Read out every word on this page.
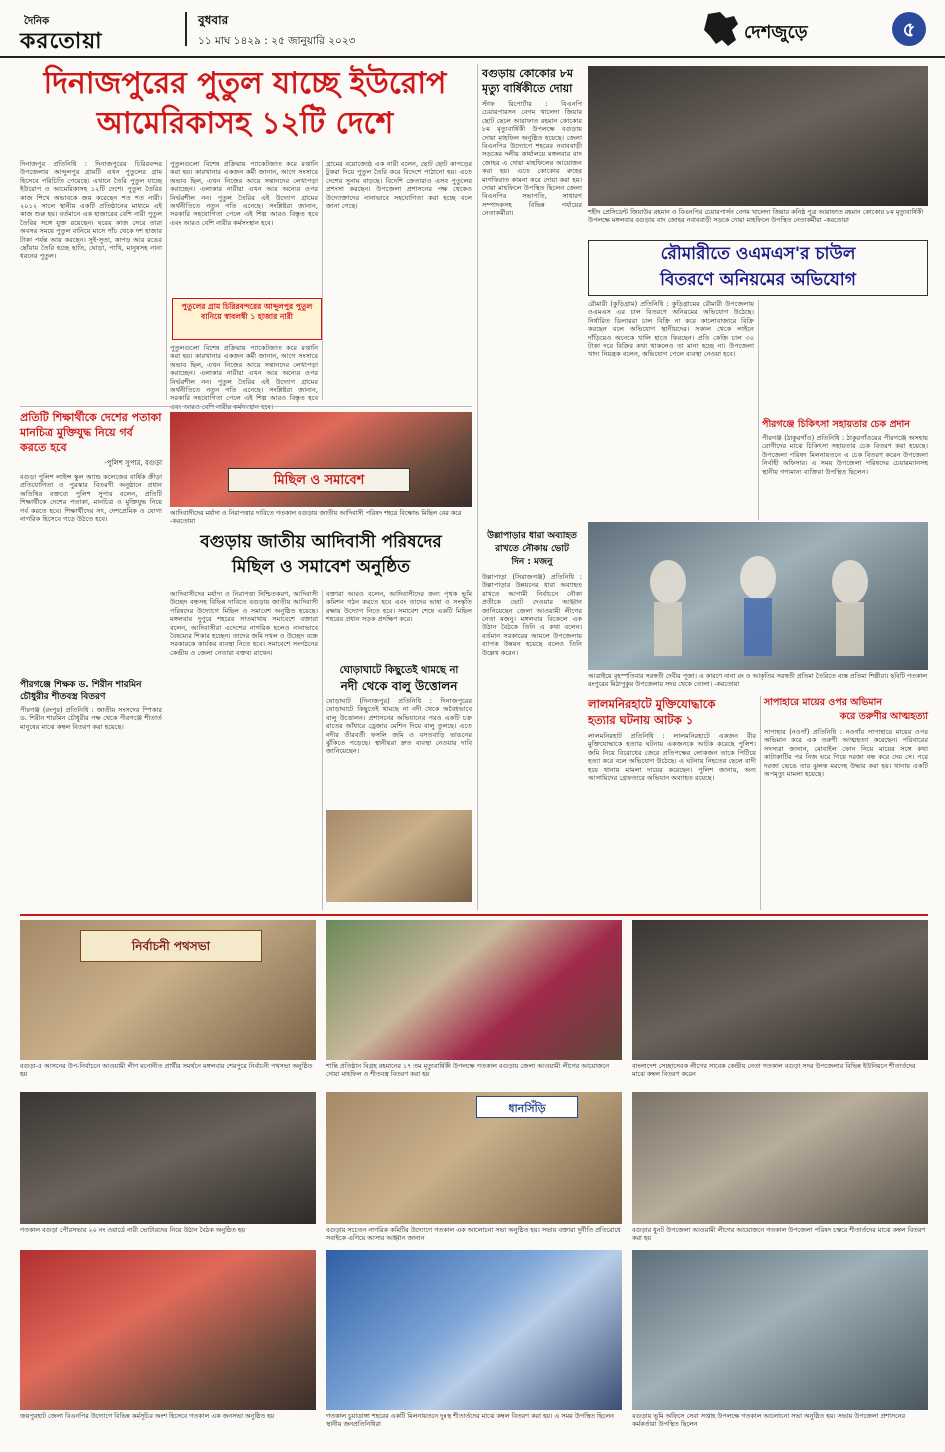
দৈনিক
করতোয়া
বুধবার
১১ মাঘ ১৪২৯ : ২৫ জানুয়ারি ২০২৩	দেশজুড়ে	৫
দিনাজপুরের পুতুল যাচ্ছে ইউরোপ
আমেরিকাসহ ১২টি দেশে
দিনাজপুর প্রতিনিধি : দিনাজপুরের চিরিরবন্দর উপজেলার আব্দুলপুর গ্রামটি এখন পুতুলের গ্রাম হিসেবে পরিচিতি পেয়েছে। এখানে তৈরি পুতুল যাচ্ছে ইউরোপ ও আমেরিকাসহ ১২টি দেশে। পুতুল তৈরির কাজ শিখে অভাবকে জয় করেছেন শত শত নারী। ২০১২ সালে স্থানীয় একটি প্রতিষ্ঠানের মাধ্যমে এই কাজ শুরু হয়। বর্তমানে এক হাজারের বেশি নারী পুতুল তৈরির সঙ্গে যুক্ত রয়েছেন। ঘরের কাজ সেরে তারা অবসর সময়ে পুতুল বানিয়ে মাসে পাঁচ থেকে দশ হাজার টাকা পর্যন্ত আয় করছেন। সুই-সুতা, কাপড় আর রঙের ছোঁয়ায় তৈরি হচ্ছে হাতি, ঘোড়া, পাখি, মানুষসহ নানা ধরনের পুতুল।
পুতুলগুলো বিশেষ প্রক্রিয়ায় প্যাকেটজাত করে রপ্তানি করা হয়। কারখানার একজন কর্মী জানান, আগে সংসারে অভাব ছিল, এখন নিজের আয়ে সন্তানদের লেখাপড়া করাচ্ছেন। এলাকার নারীরা এখন আর অন্যের ওপর নির্ভরশীল নন। পুতুল তৈরির এই উদ্যোগ গ্রামের অর্থনীতিতে নতুন গতি এনেছে। সংশ্লিষ্টরা জানান, সরকারি সহযোগিতা পেলে এই শিল্প আরও বিস্তৃত হবে এবং আরও বেশি নারীর কর্মসংস্থান হবে।
গ্রামের বয়োজ্যেষ্ঠ এক নারী বলেন, ছোট ছোট কাপড়ের টুকরা দিয়ে পুতুল তৈরি করে বিদেশে পাঠানো হয়। এতে দেশের সুনাম বাড়ছে। বিদেশি ক্রেতারাও এসব পুতুলের প্রশংসা করছেন। উপজেলা প্রশাসনের পক্ষ থেকেও উদ্যোক্তাদের নানাভাবে সহযোগিতা করা হচ্ছে বলে জানা গেছে।
পুতুলের গ্রাম চিরিরবন্দরের আব্দুলপুর পুতুল বানিয়ে স্বাবলম্বী ১ হাজার নারী
পুতুলগুলো বিশেষ প্রক্রিয়ায় প্যাকেটজাত করে রপ্তানি করা হয়। কারখানার একজন কর্মী জানান, আগে সংসারে অভাব ছিল, এখন নিজের আয়ে সন্তানদের লেখাপড়া করাচ্ছেন। এলাকার নারীরা এখন আর অন্যের ওপর নির্ভরশীল নন। পুতুল তৈরির এই উদ্যোগ গ্রামের অর্থনীতিতে নতুন গতি এনেছে। সংশ্লিষ্টরা জানান, সরকারি সহযোগিতা পেলে এই শিল্প আরও বিস্তৃত হবে
প্রতিটি শিক্ষার্থীকে দেশের পতাকা মানচিত্র মুক্তিযুদ্ধ নিয়ে গর্ব করতে হবে
-পুলিশ সুপার, বগুড়া
বগুড়া পুলিশ লাইন্স স্কুল অ্যান্ড কলেজের বার্ষিক ক্রীড়া প্রতিযোগিতা ও পুরস্কার বিতরণী অনুষ্ঠানে প্রধান অতিথির বক্তব্যে পুলিশ সুপার বলেন, প্রতিটি শিক্ষার্থীকে দেশের পতাকা, মানচিত্র ও মুক্তিযুদ্ধ নিয়ে গর্ব করতে হবে। শিক্ষার্থীদের সৎ, দেশপ্রেমিক ও যোগ্য নাগরিক হিসেবে গড়ে উঠতে হবে।
পীরগঞ্জে শিক্ষক ড. শিরীন শারমিন চৌধুরীর শীতবস্ত্র বিতরণ
পীরগঞ্জ (রংপুর) প্রতিনিধি : জাতীয় সংসদের স্পিকার ড. শিরীন শারমিন চৌধুরীর পক্ষ থেকে পীরগঞ্জে শীতার্ত মানুষের মাঝে কম্বল বিতরণ করা হয়েছে।
মিছিল ও সমাবেশ
আদিবাসীদের মর্যাদা ও নিরাপত্তার দাবিতে গতকাল বগুড়ায় জাতীয় আদিবাসী পরিষদ শহরে বিক্ষোভ মিছিল বের করে -করতোয়া
বগুড়ায় জাতীয় আদিবাসী পরিষদের
মিছিল ও সমাবেশ অনুষ্ঠিত
আদিবাসীদের মর্যাদা ও নিরাপত্তা নিশ্চিতকরণ, আদিবাসী উচ্ছেদ বন্ধসহ বিভিন্ন দাবিতে বগুড়ায় জাতীয় আদিবাসী পরিষদের উদ্যোগে মিছিল ও সমাবেশ অনুষ্ঠিত হয়েছে। মঙ্গলবার দুপুরে শহরের সাতমাথায় সমাবেশে বক্তারা বলেন, আদিবাসীরা এদেশের নাগরিক হলেও নানাভাবে বৈষম্যের শিকার হচ্ছেন। তাদের জমি দখল ও উচ্ছেদ বন্ধে সরকারকে কার্যকর ব্যবস্থা নিতে হবে। সমাবেশে সংগঠনের কেন্দ্রীয় ও জেলা নেতারা বক্তব্য রাখেন।
বক্তারা আরও বলেন, আদিবাসীদের জন্য পৃথক ভূমি কমিশন গঠন করতে হবে এবং তাদের ভাষা ও সংস্কৃতি রক্ষায় উদ্যোগ নিতে হবে। সমাবেশ শেষে একটি মিছিল শহরের প্রধান সড়ক প্রদক্ষিণ করে।
ঘোড়াঘাটে কিছুতেই থামছে না
নদী থেকে বালু উত্তোলন
ঘোড়াঘাট (দিনাজপুর) প্রতিনিধি : দিনাজপুরের ঘোড়াঘাটে কিছুতেই থামছে না নদী থেকে অবৈধভাবে বালু উত্তোলন। প্রশাসনের অভিযানের পরও একটি চক্র রাতের আঁধারে ড্রেজার মেশিন দিয়ে বালু তুলছে। এতে নদীর তীরবর্তী ফসলি জমি ও বসতবাড়ি ভাঙনের ঝুঁকিতে পড়েছে। স্থানীয়রা দ্রুত ব্যবস্থা নেওয়ার দাবি জানিয়েছেন।
বগুড়ায় কোকোর ৮ম মৃত্যু বার্ষিকীতে দোয়া
স্টাফ রিপোর্টার : বিএনপি চেয়ারপারসন বেগম খালেদা জিয়ার ছোট ছেলে আরাফাত রহমান কোকোর ৮ম মৃত্যুবার্ষিকী উপলক্ষে বগুড়ায় দোয়া মাহফিল অনুষ্ঠিত হয়েছে। জেলা বিএনপির উদ্যোগে শহরের নবাববাড়ী সড়কের দলীয় কার্যালয়ে মঙ্গলবার বাদ জোহর এ দোয়া মাহফিলের আয়োজন করা হয়। এতে কোকোর রুহের মাগফিরাত কামনা করে দোয়া করা হয়। দোয়া মাহফিলে উপস্থিত ছিলেন জেলা বিএনপির সভাপতি, সাধারণ সম্পাদকসহ বিভিন্ন পর্যায়ের নেতাকর্মীরা।	শহীদ প্রেসিডেন্ট জিয়াউর রহমান ও বিএনপির চেয়ারপার্সন বেগম খালেদা জিয়ার কনিষ্ঠ পুত্র আরাফাত রহমান কোকোর ৮ম মৃত্যুবার্ষিকী উপলক্ষে মঙ্গলবার বগুড়ায় বাদ জোহর নবাববাড়ী সড়কে দোয়া মাহফিলে উপস্থিত নেতাকর্মীরা -করতোয়া
রৌমারীতে ওএমএস'র চাউল
বিতরণে অনিয়মের অভিযোগ
রৌমারী (কুড়িগ্রাম) প্রতিনিধি : কুড়িগ্রামের রৌমারী উপজেলায় ওএমএস এর চাল বিতরণে অনিয়মের অভিযোগ উঠেছে। নির্ধারিত ডিলাররা চাল বিক্রি না করে কালোবাজারে বিক্রি করছেন বলে অভিযোগ স্থানীয়দের। সকাল থেকে লাইনে দাঁড়িয়েও অনেকে খালি হাতে ফিরছেন। প্রতি কেজি চাল ৩০ টাকা দরে বিক্রির কথা থাকলেও তা মানা হচ্ছে না। উপজেলা খাদ্য নিয়ন্ত্রক বলেন, অভিযোগ পেলে ব্যবস্থা নেওয়া হবে।
পীরগঞ্জে চিকিৎসা সহায়তার চেক প্রদান
পীরগঞ্জ (ঠাকুরগাঁও) প্রতিনিধি : ঠাকুরগাঁওয়ের পীরগঞ্জে অসহায় রোগীদের মাঝে চিকিৎসা সহায়তার চেক বিতরণ করা হয়েছে। উপজেলা পরিষদ মিলনায়তনে এ চেক বিতরণ করেন উপজেলা নির্বাহী অফিসার। এ সময় উপজেলা পরিষদের চেয়ারম্যানসহ স্থানীয় গণ্যমান্য ব্যক্তিরা উপস্থিত ছিলেন।
আত্রাইয়ে বৃহস্পতিবার সরস্বতী দেবীর পূজা। এ কারণে নানা রং ও আকৃতির সরস্বতী প্রতিমা তৈরিতে ব্যস্ত প্রতিমা শিল্পীরা। ছবিটি গতকাল রংপুরের মিঠাপুকুর উপজেলার সদর থেকে তোলা। -করতোয়া
উল্লাপাড়ার ধারা অব্যাহত
রাখতে নৌকায় ভোট
দিন : মজনু
উল্লাপাড়া (সিরাজগঞ্জ) প্রতিনিধি : উল্লাপাড়ার উন্নয়নের ধারা অব্যাহত রাখতে আগামী নির্বাচনে নৌকা প্রতীকে ভোট দেওয়ার আহ্বান জানিয়েছেন জেলা আওয়ামী লীগের নেতা মজনু। মঙ্গলবার বিকেলে এক উঠান বৈঠকে তিনি এ কথা বলেন। বর্তমান সরকারের আমলে উপজেলায় ব্যাপক উন্নয়ন হয়েছে বলেও তিনি উল্লেখ করেন।
লালমনিরহাটে মুক্তিযোদ্ধাকে
হত্যার ঘটনায় আটক ১
লালমনিরহাট প্রতিনিধি : লালমনিরহাটে একজন বীর মুক্তিযোদ্ধাকে হত্যার ঘটনায় একজনকে আটক করেছে পুলিশ। জমি নিয়ে বিরোধের জেরে প্রতিপক্ষের লোকজন তাকে পিটিয়ে হত্যা করে বলে অভিযোগ উঠেছে। এ ঘটনায় নিহতের ছেলে বাদী হয়ে থানায় মামলা দায়ের করেছেন। পুলিশ জানায়, অন্য আসামিদের গ্রেফতারে অভিযান অব্যাহত রয়েছে।
সাপাহারে মায়ের ওপর অভিমান
করে তরুণীর আত্মহত্যা
সাপাহার (নওগাঁ) প্রতিনিধি : নওগাঁর সাপাহারে মায়ের ওপর অভিমান করে এক তরুণী আত্মহত্যা করেছেন। পরিবারের সদস্যরা জানান, মোবাইল ফোন নিয়ে মায়ের সঙ্গে কথা কাটাকাটির পর নিজ ঘরে গিয়ে দরজা বন্ধ করে দেয় সে। পরে দরজা ভেঙে তার ঝুলন্ত মরদেহ উদ্ধার করা হয়। থানায় একটি অপমৃত্যু মামলা হয়েছে।
নির্বাচনী পথসভা
বগুড়া-৫ আসনের উপ-নির্বাচনে আওয়ামী লীগ মনোনীত প্রার্থীর সমর্থনে মঙ্গলবার শেরপুরে নির্বাচনী পথসভা অনুষ্ঠিত হয়
শান্তি প্রতিষ্ঠান বিগ্রহ রহমানের ১৭ তম মৃত্যুবার্ষিকী উপলক্ষে গতকাল বগুড়ায় জেলা আওয়ামী লীগের আয়োজনে দোয়া মাহফিল ও শীতবস্ত্র বিতরণ করা হয়
বাংলাদেশ সেচ্ছাসেবক লীগের সাবেক কেন্দ্রীয় নেতা গতকাল বগুড়া সদর উপজেলার বিভিন্ন ইউনিয়নে শীতার্তদের মাঝে কম্বল বিতরণ করেন
গতকাল বগুড়া পৌরসভার ২০ নং ওয়ার্ডে নারী ভোটারদের নিয়ে উঠান বৈঠক অনুষ্ঠিত হয়
ধানসিঁড়ি
বগুড়ায় সচেতন নাগরিক কমিটির উদ্যোগে গতকাল এক আলোচনা সভা অনুষ্ঠিত হয়। সভায় বক্তারা দুর্নীতি প্রতিরোধে সবাইকে এগিয়ে আসার আহ্বান জানান
বগুড়ার ধুনট উপজেলা আওয়ামী লীগের আয়োজনে গতকাল উপজেলা পরিষদ চত্বরে শীতার্তদের মাঝে কম্বল বিতরণ করা হয়
জয়পুরহাট জেলা বিএনপির উদ্যোগে বিভিন্ন কর্মসূচির অংশ হিসেবে গতকাল এক জনসভা অনুষ্ঠিত হয়	গতকাল চুয়াডাঙ্গা শহরের একটি মিলনায়তনে দুঃস্থ শীতার্তদের মাঝে কম্বল বিতরণ করা হয়। এ সময় উপস্থিত ছিলেন স্থানীয় জনপ্রতিনিধিরা
বগুড়ায় ভূমি অফিসে সেবা সপ্তাহ উপলক্ষে গতকাল আলোচনা সভা অনুষ্ঠিত হয়। সভায় উপজেলা প্রশাসনের কর্মকর্তারা উপস্থিত ছিলেন
